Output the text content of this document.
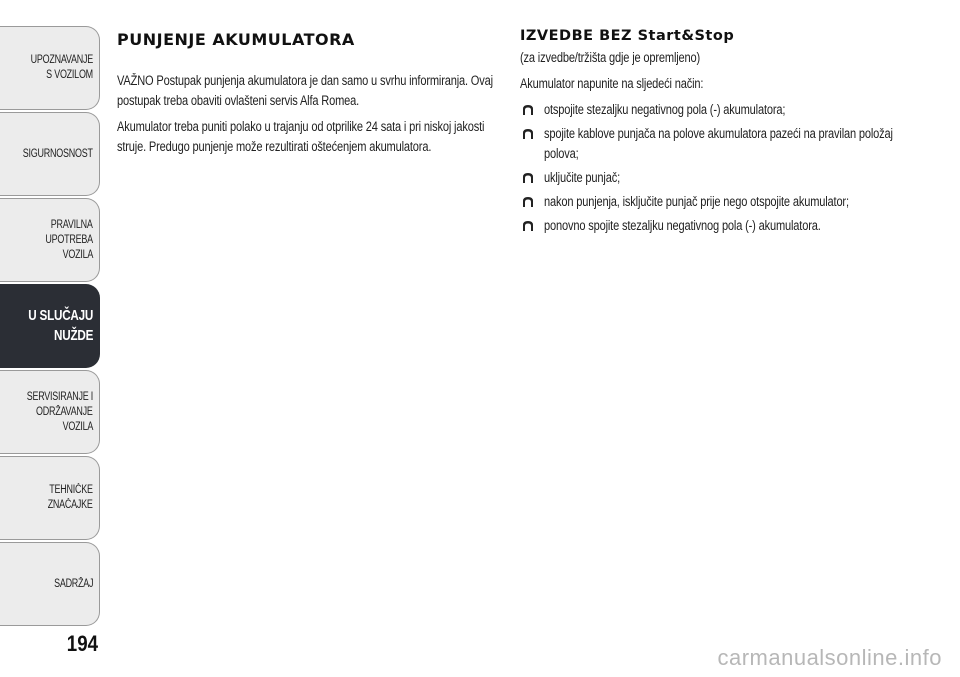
UPOZNAVANJE
S VOZILOM
SIGURNOSNOST
PRAVILNA
UPOTREBA
VOZILA
U SLUČAJU
NUŽDE
SERVISIRANJE I
ODRŽAVANJE
VOZILA
TEHNIČKE
ZNAČAJKE
SADRŽAJ
194
PUNJENJE AKUMULATORA

VAŽNO Postupak punjenja akumulatora je dan samo u svrhu informiranja. Ovaj postupak treba obaviti ovlašteni servis Alfa Romea.

Akumulator treba puniti polako u trajanju od otprilike 24 sata i pri niskoj jakosti struje. Predugo punjenje može rezultirati oštećenjem akumulatora.

IZVEDBE BEZ Start&Stop

(za izvedbe/tržišta gdje je opremljeno)

Akumulator napunite na sljedeći način:

otspojite stezaljku negativnog pola (-) akumulatora;
spojite kablove punjača na polove akumulatora pazeći na pravilan položaj polova;
uključite punjač;
nakon punjenja, isključite punjač prije nego otspojite akumulator;
ponovno spojite stezaljku negativnog pola (-) akumulatora.
carmanualsonline.info
